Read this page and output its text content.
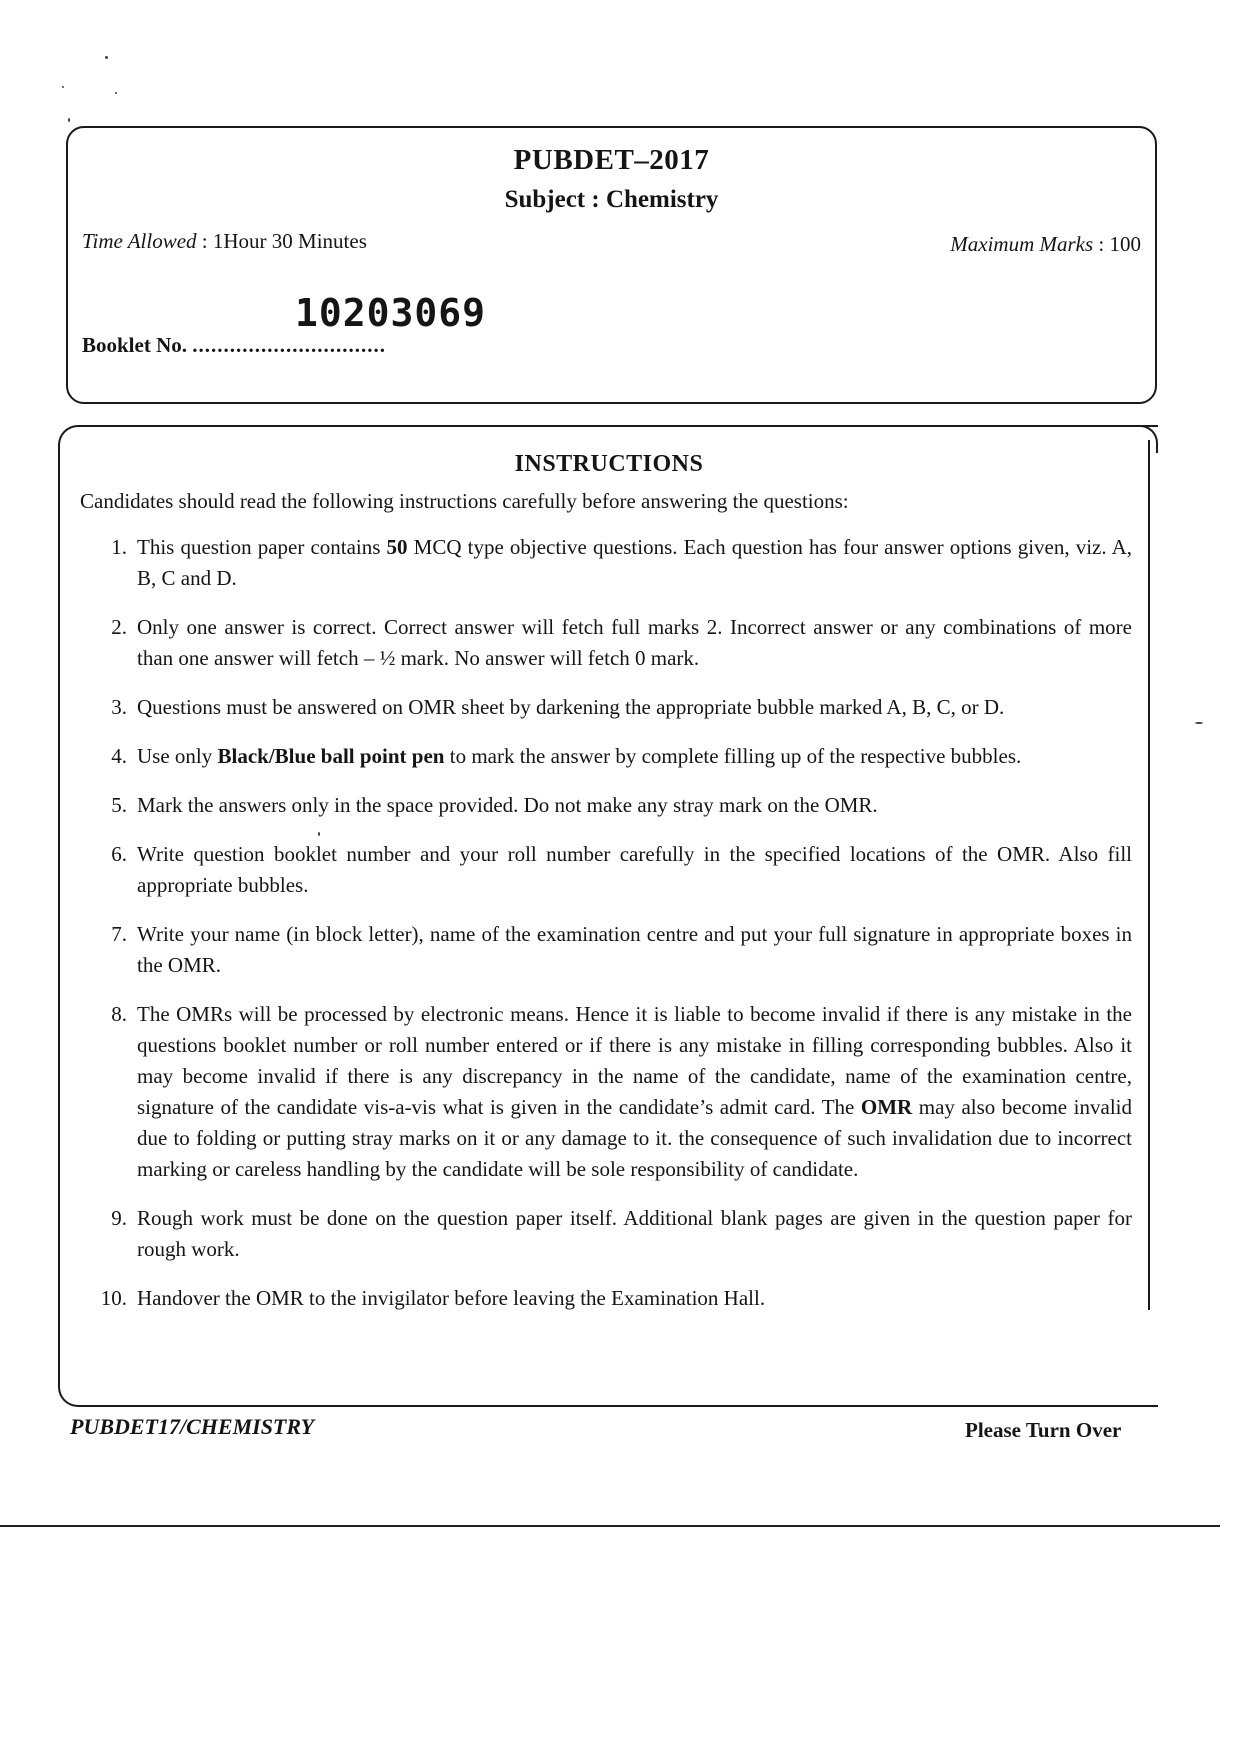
PUBDET–2017
Subject : Chemistry
Time Allowed : 1Hour 30 Minutes	Maximum Marks : 100
Booklet No. ...............................
10203069
INSTRUCTIONS
Candidates should read the following instructions carefully before answering the questions:
1. This question paper contains 50 MCQ type objective questions. Each question has four answer options given, viz. A, B, C and D.
2. Only one answer is correct. Correct answer will fetch full marks 2. Incorrect answer or any combinations of more than one answer will fetch – ½ mark. No answer will fetch 0 mark.
3. Questions must be answered on OMR sheet by darkening the appropriate bubble marked A, B, C, or D.
4. Use only Black/Blue ball point pen to mark the answer by complete filling up of the respective bubbles.
5. Mark the answers only in the space provided. Do not make any stray mark on the OMR.
6. Write question booklet number and your roll number carefully in the specified locations of the OMR. Also fill appropriate bubbles.
7. Write your name (in block letter), name of the examination centre and put your full signature in appropriate boxes in the OMR.
8. The OMRs will be processed by electronic means. Hence it is liable to become invalid if there is any mistake in the questions booklet number or roll number entered or if there is any mistake in filling corresponding bubbles. Also it may become invalid if there is any discrepancy in the name of the candidate, name of the examination centre, signature of the candidate vis-a-vis what is given in the candidate’s admit card. The OMR may also become invalid due to folding or putting stray marks on it or any damage to it. the consequence of such invalidation due to incorrect marking or careless handling by the candidate will be sole responsibility of candidate.
9. Rough work must be done on the question paper itself. Additional blank pages are given in the question paper for rough work.
10. Handover the OMR to the invigilator before leaving the Examination Hall.
PUBDET17/CHEMISTRY	Please Turn Over
